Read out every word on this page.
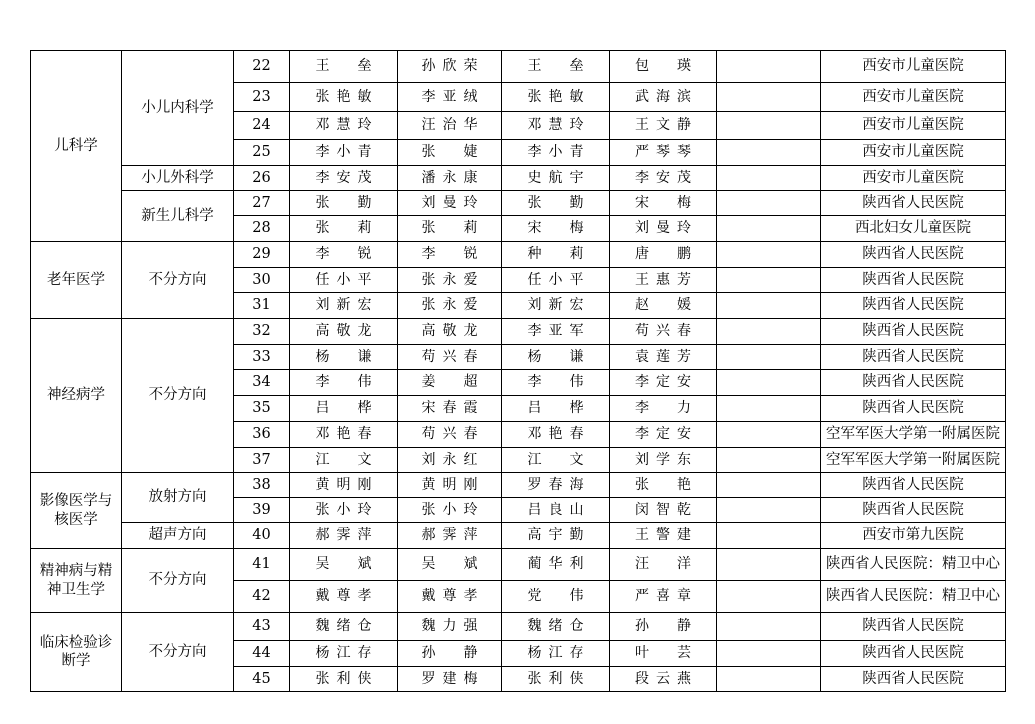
儿科学	小儿内科学	22	王 垒	孙欣荣	王 垒	包 瑛		西安市儿童医院
		23	张艳敏	李亚绒	张艳敏	武海滨		西安市儿童医院
		24	邓慧玲	汪治华	邓慧玲	王文静		西安市儿童医院
		25	李小青	张 婕	李小青	严琴琴		西安市儿童医院
	小儿外科学	26	李安茂	潘永康	史航宇	李安茂		西安市儿童医院
	新生儿科学	27	张 勤	刘曼玲	张 勤	宋 梅		陕西省人民医院
		28	张 莉	张 莉	宋 梅	刘曼玲		西北妇女儿童医院

老年医学	不分方向	29	李 锐	李 锐	种 莉	唐 鹏		陕西省人民医院
		30	任小平	张永爱	任小平	王惠芳		陕西省人民医院
		31	刘新宏	张永爱	刘新宏	赵 媛		陕西省人民医院

神经病学	不分方向	32	高敬龙	高敬龙	李亚军	苟兴春		陕西省人民医院
		33	杨 谦	苟兴春	杨 谦	袁莲芳		陕西省人民医院
		34	李 伟	姜 超	李 伟	李定安		陕西省人民医院
		35	吕 桦	宋春霞	吕 桦	李 力		陕西省人民医院
		36	邓艳春	苟兴春	邓艳春	李定安		空军军医大学第一附属医院
		37	江 文	刘永红	江 文	刘学东		空军军医大学第一附属医院

影像医学与核医学	放射方向	38	黄明刚	黄明刚	罗春海	张 艳		陕西省人民医院
		39	张小玲	张小玲	吕良山	闵智乾		陕西省人民医院
	超声方向	40	郝霁萍	郝霁萍	高宇勤	王警建		西安市第九医院

精神病与精神卫生学	不分方向	41	吴 斌	吴 斌	蔺华利	汪 洋		陕西省人民医院：精卫中心
		42	戴尊孝	戴尊孝	党 伟	严喜章		陕西省人民医院：精卫中心

临床检验诊断学	不分方向	43	魏绪仓	魏力强	魏绪仓	孙 静		陕西省人民医院
		44	杨江存	孙 静	杨江存	叶 芸		陕西省人民医院
		45	张利侠	罗建梅	张利侠	段云燕		陕西省人民医院
